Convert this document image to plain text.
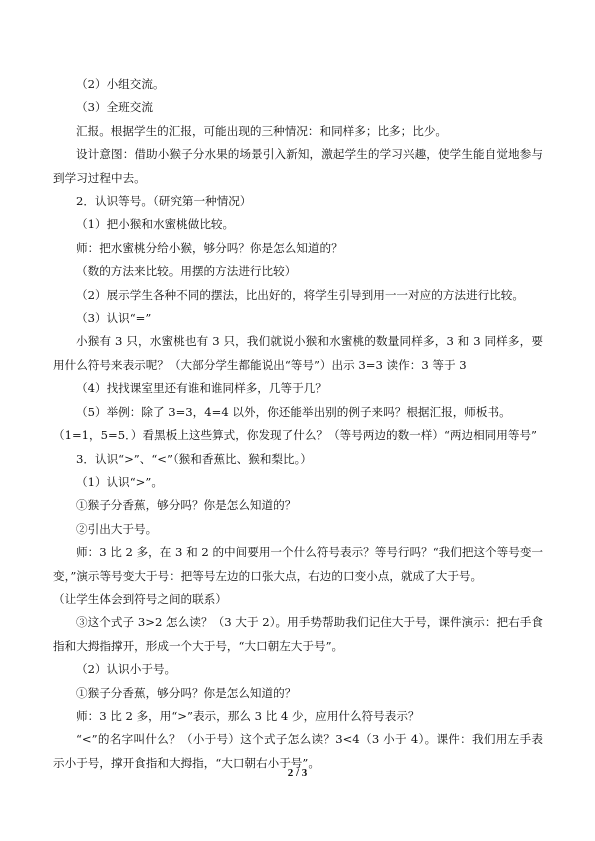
（2）小组交流。

（3）全班交流

汇报。根据学生的汇报，可能出现的三种情况：和同样多；比多；比少。

设计意图：借助小猴子分水果的场景引入新知，激起学生的学习兴趣，使学生能自觉地参与到学习过程中去。

2．认识等号。（研究第一种情况）

（1）把小猴和水蜜桃做比较。

师：把水蜜桃分给小猴，够分吗？你是怎么知道的？

（数的方法来比较。用摆的方法进行比较）

（2）展示学生各种不同的摆法，比出好的，将学生引导到用一一对应的方法进行比较。

（3）认识“=”

小猴有 3 只，水蜜桃也有 3 只，我们就说小猴和水蜜桃的数量同样多，3 和 3 同样多，要用什么符号来表示呢？（大部分学生都能说出“等号”）出示 3=3 读作：3 等于 3

（4）找找课室里还有谁和谁同样多，几等于几？

（5）举例：除了 3=3，4=4 以外，你还能举出别的例子来吗？根据汇报，师板书。

（1=1，5=5．）看黑板上这些算式，你发现了什么？（等号两边的数一样）“两边相同用等号”

3．认识“>”、“<”（猴和香蕉比、猴和梨比。）

（1）认识“>”。

①猴子分香蕉，够分吗？你是怎么知道的？

②引出大于号。

师：3 比 2 多，在 3 和 2 的中间要用一个什么符号表示？等号行吗？“我们把这个等号变一变，”演示等号变大于号：把等号左边的口张大点，右边的口变小点，就成了大于号。

（让学生体会到符号之间的联系）

③这个式子 3>2 怎么读？（3 大于 2）。用手势帮助我们记住大于号，课件演示：把右手食指和大拇指撑开，形成一个大于号，“大口朝左大于号”。

（2）认识小于号。

①猴子分香蕉，够分吗？你是怎么知道的？

师：3 比 2 多，用“>”表示，那么 3 比 4 少，应用什么符号表示？

“<”的名字叫什么？（小于号）这个式子怎么读？3<4（3 小于 4）。课件：我们用左手表示小于号，撑开食指和大拇指，“大口朝右小于号”。

2 / 3
